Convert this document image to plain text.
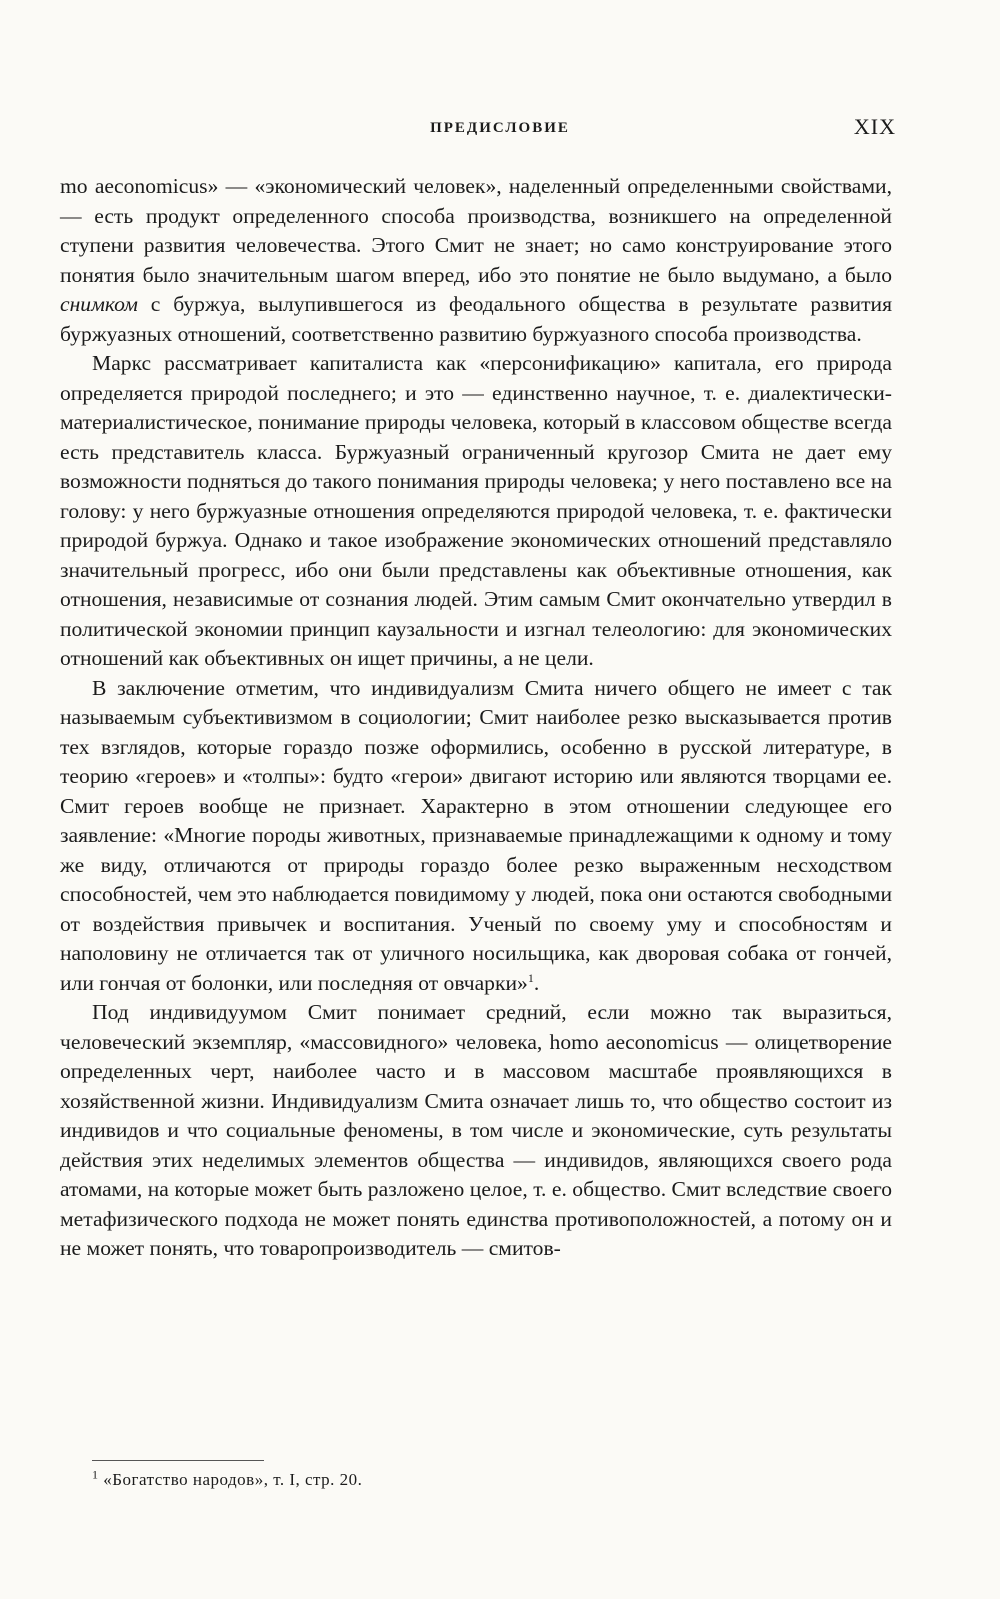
ПРЕДИСЛОВИЕ	XIX

mo aeconomicus» — «экономический человек», наделенный определенными свойствами, — есть продукт определенного способа производства, возникшего на определенной ступени развития человечества. Этого Смит не знает; но само конструирование этого понятия было значительным шагом вперед, ибо это понятие не было выдумано, а было снимком с буржуа, вылупившегося из феодального общества в результате развития буржуазных отношений, соответственно развитию буржуазного способа производства.

Маркс рассматривает капиталиста как «персонификацию» капитала, его природа определяется природой последнего; и это — единственно научное, т. е. диалектически-материалистическое, понимание природы человека, который в классовом обществе всегда есть представитель класса. Буржуазный ограниченный кругозор Смита не дает ему возможности подняться до такого понимания природы человека; у него поставлено все на голову: у него буржуазные отношения определяются природой человека, т. е. фактически природой буржуа. Однако и такое изображение экономических отношений представляло значительный прогресс, ибо они были представлены как объективные отношения, как отношения, независимые от сознания людей. Этим самым Смит окончательно утвердил в политической экономии принцип каузальности и изгнал телеологию: для экономических отношений как объективных он ищет причины, а не цели.

В заключение отметим, что индивидуализм Смита ничего общего не имеет с так называемым субъективизмом в социологии; Смит наиболее резко высказывается против тех взглядов, которые гораздо позже оформились, особенно в русской литературе, в теорию «героев» и «толпы»: будто «герои» двигают историю или являются творцами ее. Смит героев вообще не признает. Характерно в этом отношении следующее его заявление: «Многие породы животных, признаваемые принадлежащими к одному и тому же виду, отличаются от природы гораздо более резко выраженным несходством способностей, чем это наблюдается повидимому у людей, пока они остаются свободными от воздействия привычек и воспитания. Ученый по своему уму и способностям и наполовину не отличается так от уличного носильщика, как дворовая собака от гончей, или гончая от болонки, или последняя от овчарки»$^1$.

Под индивидуумом Смит понимает средний, если можно так выразиться, человеческий экземпляр, «массовидного» человека, homo aeconomicus — олицетворение определенных черт, наиболее часто и в массовом масштабе проявляющихся в хозяйственной жизни. Индивидуализм Смита означает лишь то, что общество состоит из индивидов и что социальные феномены, в том числе и экономические, суть результаты действия этих неделимых элементов общества — индивидов, являющихся своего рода атомами, на которые может быть разложено целое, т. е. общество. Смит вследствие своего метафизического подхода не может понять единства противоположностей, а потому он и не может понять, что товаропроизводитель — смитов-

$^1$ «Богатство народов», т. I, стр. 20.
